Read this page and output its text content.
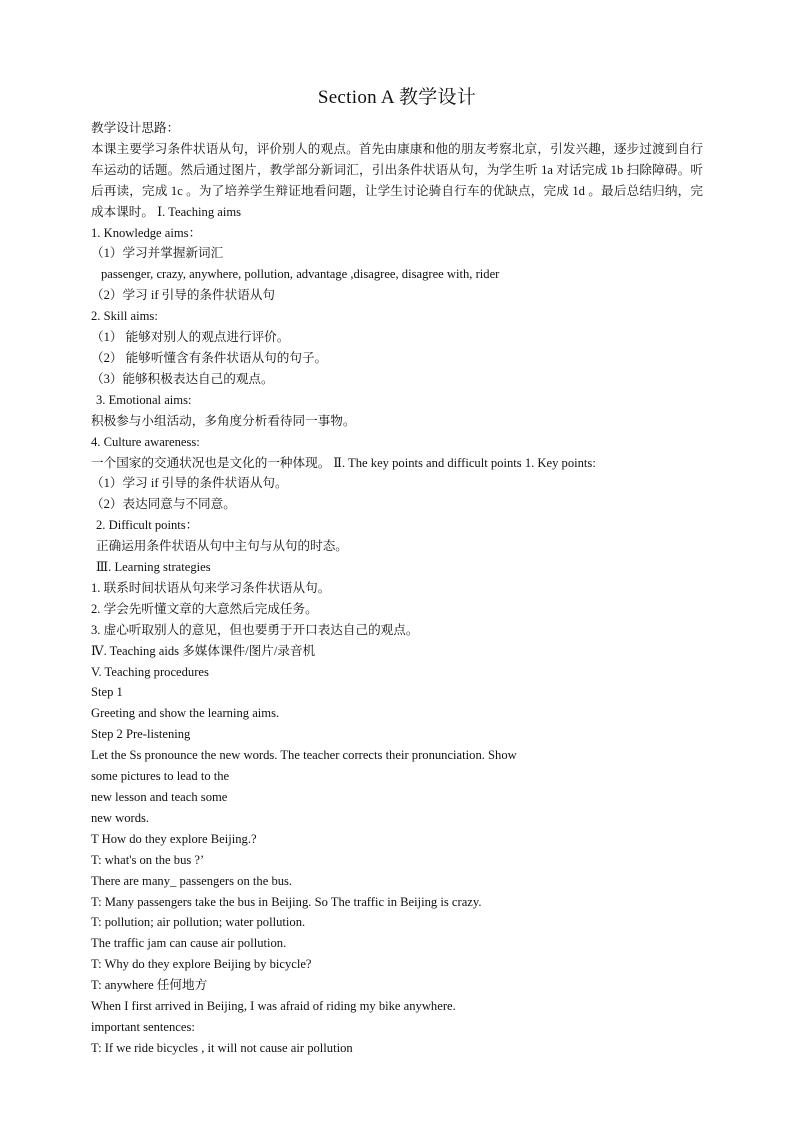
Section A 教学设计

教学设计思路：

本课主要学习条件状语从句，评价别人的观点。首先由康康和他的朋友考察北京，引发兴趣，逐步过渡到自行车运动的话题。然后通过图片，教学部分新词汇，引出条件状语从句，为学生听 1a 对话完成 1b 扫除障碍。听后再读，完成 1c 。为了培养学生辩证地看问题，让学生讨论骑自行车的优缺点，完成 1d 。最后总结归纳，完成本课时。 Ⅰ. Teaching aims

1. Knowledge aims：

（1）学习并掌握新词汇

passenger, crazy, anywhere, pollution, advantage ,disagree, disagree with, rider

（2）学习 if 引导的条件状语从句

2. Skill aims:

（1） 能够对别人的观点进行评价。

（2） 能够听懂含有条件状语从句的句子。

（3）能够积极表达自己的观点。

3. Emotional aims:

积极参与小组活动，多角度分析看待同一事物。

4. Culture awareness:

一个国家的交通状况也是文化的一种体现。 Ⅱ. The key points and difficult points 1. Key points:

（1）学习 if 引导的条件状语从句。

（2）表达同意与不同意。

2. Difficult points：

正确运用条件状语从句中主句与从句的时态。

Ⅲ. Learning strategies

1. 联系时间状语从句来学习条件状语从句。

2. 学会先听懂文章的大意然后完成任务。

3. 虚心听取别人的意见，但也要勇于开口表达自己的观点。

Ⅳ. Teaching aids 多媒体课件/图片/录音机

V. Teaching procedures

Step 1

Greeting and show the learning aims.

Step 2 Pre-listening

Let the Ss pronounce the new words. The teacher corrects their pronunciation. Show

some pictures to lead to the

new lesson and teach some

new words.

T How do they explore Beijing.?

T: what's on the bus ?’

There are many_ passengers on the bus.

T: Many passengers take the bus in Beijing. So The traffic in Beijing is crazy.

T: pollution; air pollution; water pollution.

The traffic jam can cause air pollution.

T: Why do they explore Beijing by bicycle?

T: anywhere 任何地方

When I first arrived in Beijing, I was afraid of riding my bike anywhere.

important sentences:

T: If we ride bicycles , it will not cause air pollution
